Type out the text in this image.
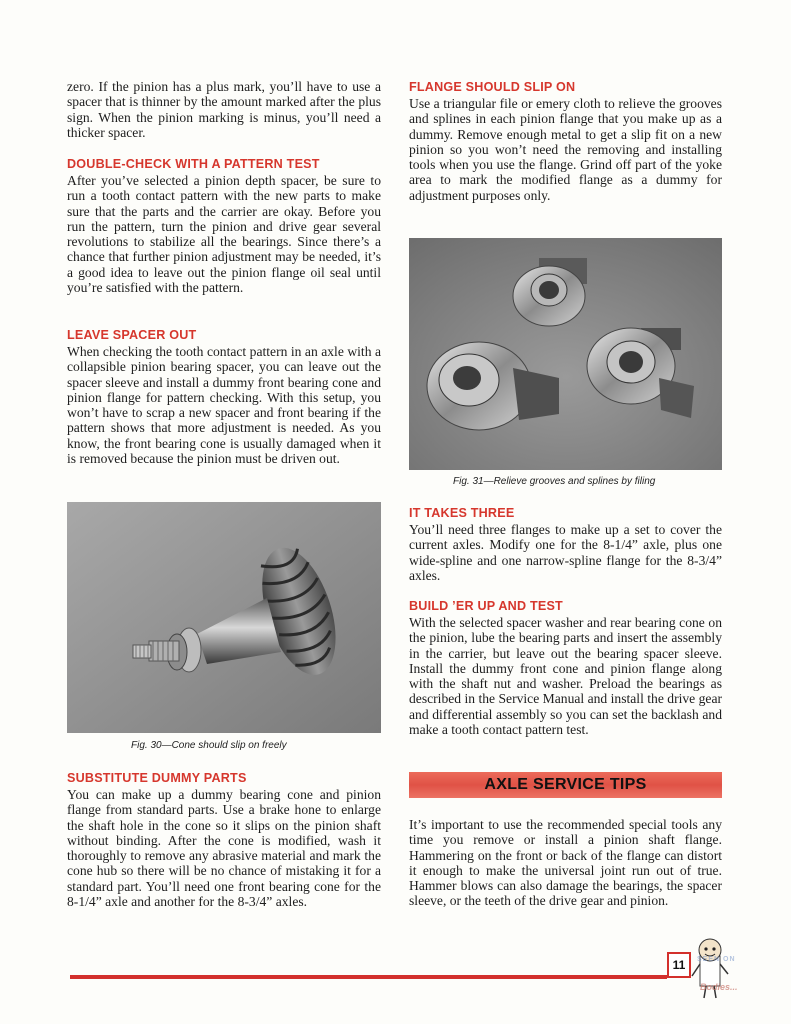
zero. If the pinion has a plus mark, you’ll have to use a spacer that is thinner by the amount marked after the plus sign. When the pinion marking is minus, you’ll need a thicker spacer.

DOUBLE-CHECK WITH A PATTERN TEST

After you’ve selected a pinion depth spacer, be sure to run a tooth contact pattern with the new parts to make sure that the parts and the carrier are okay. Before you run the pattern, turn the pinion and drive gear several revolutions to stabilize all the bearings. Since there’s a chance that further pinion adjustment may be needed, it’s a good idea to leave out the pinion flange oil seal until you’re satisfied with the pattern.

LEAVE SPACER OUT

When checking the tooth contact pattern in an axle with a collapsible pinion bearing spacer, you can leave out the spacer sleeve and install a dummy front bearing cone and pinion flange for pattern checking. With this setup, you won’t have to scrap a new spacer and front bearing if the pattern shows that more adjustment is needed. As you know, the front bearing cone is usually damaged when it is removed because the pinion must be driven out.

Fig. 30—Cone should slip on freely

SUBSTITUTE DUMMY PARTS

You can make up a dummy bearing cone and pinion flange from standard parts. Use a brake hone to enlarge the shaft hole in the cone so it slips on the pinion shaft without binding. After the cone is modified, wash it thoroughly to remove any abrasive material and mark the cone hub so there will be no chance of mistaking it for a standard part. You’ll need one front bearing cone for the 8-1/4” axle and another for the 8-3/4” axles.

FLANGE SHOULD SLIP ON

Use a triangular file or emery cloth to relieve the grooves and splines in each pinion flange that you make up as a dummy. Remove enough metal to get a slip fit on a new pinion so you won’t need the removing and installing tools when you use the flange. Grind off part of the yoke area to mark the modified flange as a dummy for adjustment purposes only.

Fig. 31—Relieve grooves and splines by filing

IT TAKES THREE

You’ll need three flanges to make up a set to cover the current axles. Modify one for the 8-1/4” axle, plus one wide-spline and one narrow-spline flange for the 8-3/4” axles.

BUILD ’ER UP AND TEST

With the selected spacer washer and rear bearing cone on the pinion, lube the bearing parts and insert the assembly in the carrier, but leave out the bearing spacer sleeve. Install the dummy front cone and pinion flange along with the shaft nut and washer. Preload the bearings as described in the Service Manual and install the drive gear and differential assembly so you can set the backlash and make a tooth contact pattern test.

AXLE SERVICE TIPS

It’s important to use the recommended special tools any time you remove or install a pinion shaft flange. Hammering on the front or back of the flange can distort it enough to make the universal joint run out of true. Hammer blows can also damage the bearings, the spacer sleeve, or the teeth of the drive gear and pinion.

11	SEEN ON
Bodies...
